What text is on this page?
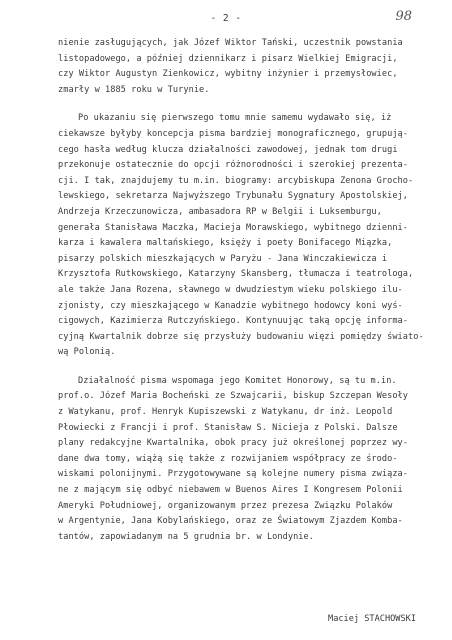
- 2 -	98
nienie zasługujących, jak Józef Wiktor Tański, uczestnik powstania
listopadowego, a później dziennikarz i pisarz Wielkiej Emigracji,
czy Wiktor Augustyn Zienkowicz, wybitny inżynier i przemysłowiec,
zmarły w 1885 roku w Turynie.
Po ukazaniu się pierwszego tomu mnie samemu wydawało się, iż
ciekawsze byłyby koncepcja pisma bardziej monograficznego, grupują-
cego hasła według klucza działalności zawodowej, jednak tom drugi
przekonuje ostatecznie do opcji różnorodności i szerokiej prezenta-
cji. I tak, znajdujemy tu m.in. biogramy: arcybiskupa Zenona Grocho-
lewskiego, sekretarza Najwyższego Trybunału Sygnatury Apostolskiej,
Andrzeja Krzeczunowicza, ambasadora RP w Belgii i Luksemburgu,
generała Stanisława Maczka, Macieja Morawskiego, wybitnego dzienni-
karza i kawalera maltańskiego, księży i poety Bonifacego Miązka,
pisarzy polskich mieszkających w Paryżu - Jana Winczakiewicza i
Krzysztofa Rutkowskiego, Katarzyny Skansberg, tłumacza i teatrologa,
ale także Jana Rozena, sławnego w dwudziestym wieku polskiego ilu-
zjonisty, czy mieszkającego w Kanadzie wybitnego hodowcy koni wyś-
cigowych, Kazimierza Rutczyńskiego. Kontynuując taką opcję informa-
cyjną Kwartalnik dobrze się przysłuży budowaniu więzi pomiędzy świato-
wą Polonią.
Działalność pisma wspomaga jego Komitet Honorowy, są tu m.in.
prof.o. Józef Maria Bocheński ze Szwajcarii, biskup Szczepan Wesoły
z Watykanu, prof. Henryk Kupiszewski z Watykanu, dr inż. Leopold
Płowiecki z Francji i prof. Stanisław S. Nicieja z Polski. Dalsze
plany redakcyjne Kwartalnika, obok pracy już określonej poprzez wy-
dane dwa tomy, wiążą się także z rozwijaniem współpracy ze środo-
wiskami polonijnymi. Przygotowywane są kolejne numery pisma związa-
ne z mającym się odbyć niebawem w Buenos Aires I Kongresem Polonii
Ameryki Południowej, organizowanym przez prezesa Związku Polaków
w Argentynie, Jana Kobylańskiego, oraz ze Światowym Zjazdem Komba-
tantów, zapowiadanym na 5 grudnia br. w Londynie.
Maciej STACHOWSKI
